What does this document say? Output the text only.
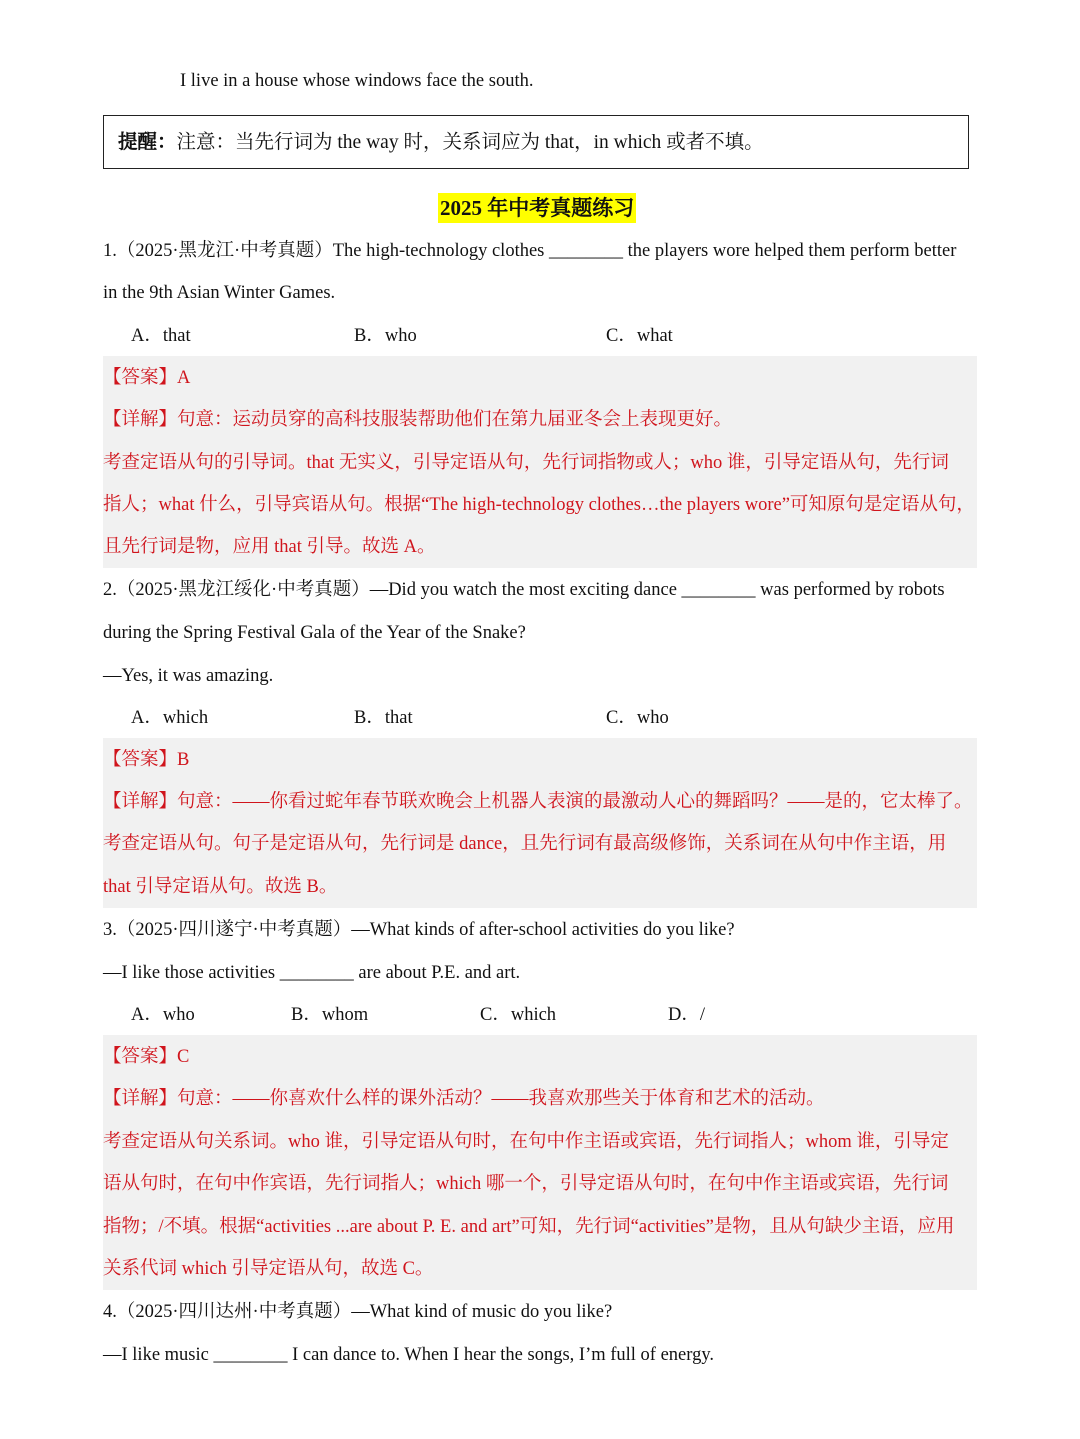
I live in a house whose windows face the south.
提醒：注意：当先行词为 the way 时，关系词应为 that，in which 或者不填。
2025 年中考真题练习
1.（2025·黑龙江·中考真题）The high-technology clothes ________ the players wore helped them perform better
in the 9th Asian Winter Games.
A．that	B．who	C．what
【答案】A
【详解】句意：运动员穿的高科技服装帮助他们在第九届亚冬会上表现更好。
考查定语从句的引导词。that 无实义，引导定语从句，先行词指物或人；who 谁，引导定语从句，先行词
指人；what 什么，引导宾语从句。根据“The high-technology clothes…the players wore”可知原句是定语从句，
且先行词是物，应用 that 引导。故选 A。
2.（2025·黑龙江绥化·中考真题）—Did you watch the most exciting dance ________ was performed by robots
during the Spring Festival Gala of the Year of the Snake?
—Yes, it was amazing.
A．which	B．that	C．who
【答案】B
【详解】句意：——你看过蛇年春节联欢晚会上机器人表演的最激动人心的舞蹈吗？——是的，它太棒了。
考查定语从句。句子是定语从句，先行词是 dance，且先行词有最高级修饰，关系词在从句中作主语，用
that 引导定语从句。故选 B。
3.（2025·四川遂宁·中考真题）—What kinds of after-school activities do you like?
—I like those activities ________ are about P.E. and art.
A．who	B．whom	C．which	D．/
【答案】C
【详解】句意：——你喜欢什么样的课外活动？——我喜欢那些关于体育和艺术的活动。
考查定语从句关系词。who 谁，引导定语从句时，在句中作主语或宾语，先行词指人；whom 谁，引导定
语从句时，在句中作宾语，先行词指人；which 哪一个，引导定语从句时，在句中作主语或宾语，先行词
指物；/不填。根据“activities ...are about P. E. and art”可知，先行词“activities”是物，且从句缺少主语，应用
关系代词 which 引导定语从句，故选 C。
4.（2025·四川达州·中考真题）—What kind of music do you like?
—I like music ________ I can dance to. When I hear the songs, I’m full of energy.
